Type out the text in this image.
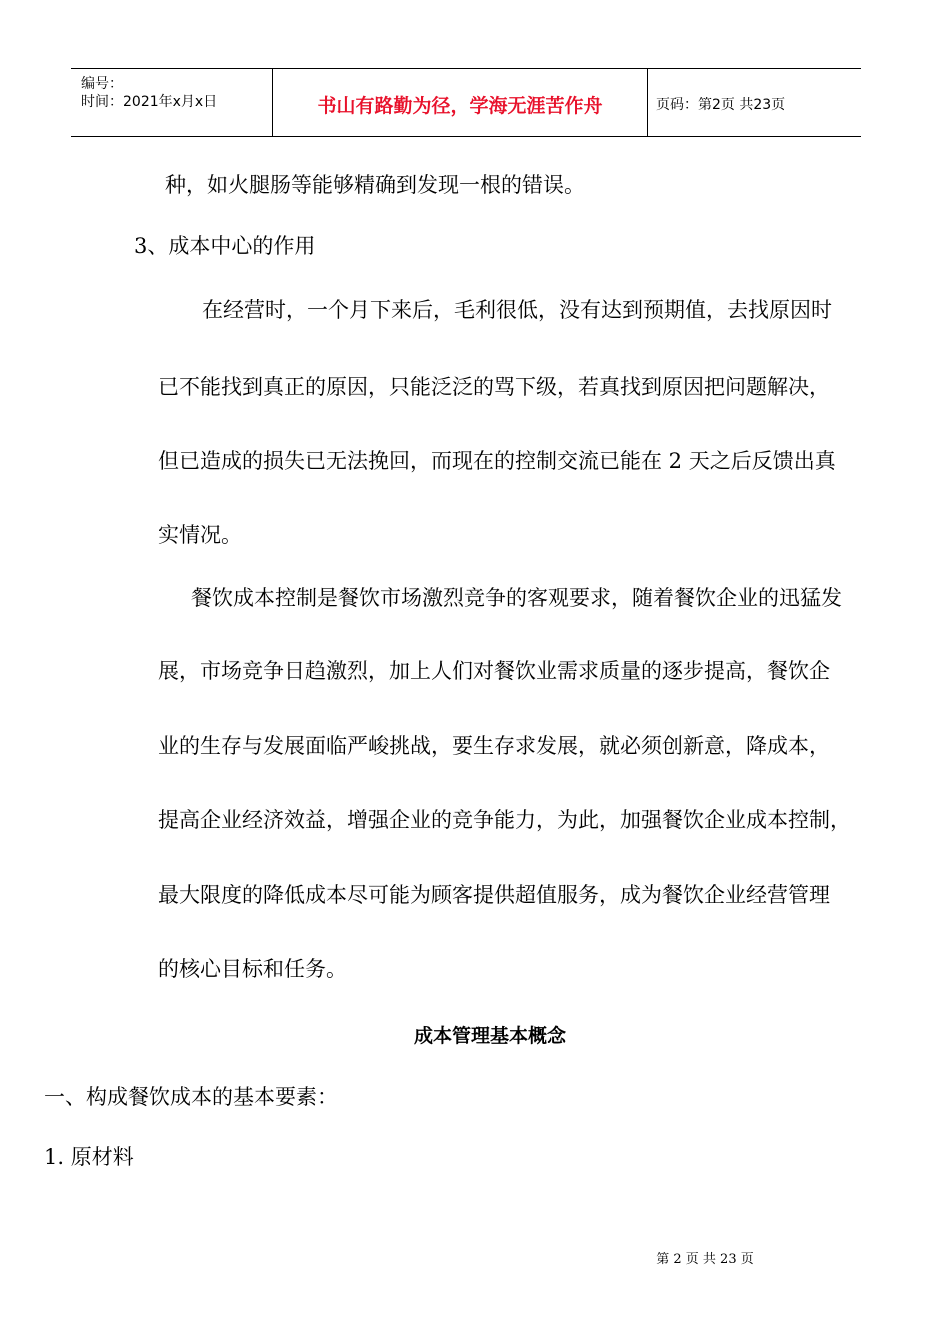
编号：
时间：2021年x月x日	书山有路勤为径，学海无涯苦作舟	页码：第2页 共23页
种，如火腿肠等能够精确到发现一根的错误。
3、成本中心的作用
在经营时，一个月下来后，毛利很低，没有达到预期值，去找原因时
已不能找到真正的原因，只能泛泛的骂下级，若真找到原因把问题解决，
但已造成的损失已无法挽回，而现在的控制交流已能在 2 天之后反馈出真
实情况。
餐饮成本控制是餐饮市场激烈竞争的客观要求，随着餐饮企业的迅猛发
展，市场竞争日趋激烈，加上人们对餐饮业需求质量的逐步提高，餐饮企
业的生存与发展面临严峻挑战，要生存求发展，就必须创新意，降成本，
提高企业经济效益，增强企业的竞争能力，为此，加强餐饮企业成本控制，
最大限度的降低成本尽可能为顾客提供超值服务，成为餐饮企业经营管理
的核心目标和任务。
成本管理基本概念
一、构成餐饮成本的基本要素：
1. 原材料
第 2 页 共 23 页
